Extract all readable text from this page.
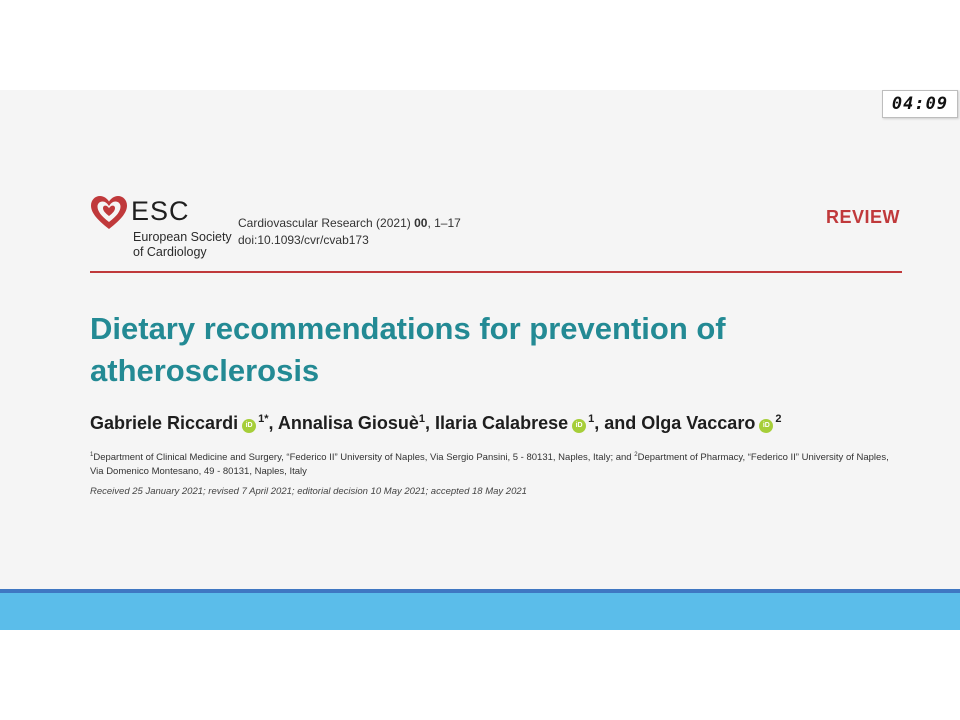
04:09
ESC
European Society
of Cardiology
Cardiovascular Research (2021) 00, 1–17
doi:10.1093/cvr/cvab173
REVIEW
Dietary recommendations for prevention of atherosclerosis
Gabriele Riccardi $iD^{1*}$, Annalisa Giosuè$^1$, Ilaria Calabrese $iD^1$, and Olga Vaccaro $iD^2$
$^1$Department of Clinical Medicine and Surgery, “Federico II” University of Naples, Via Sergio Pansini, 5 - 80131, Naples, Italy; and $^2$Department of Pharmacy, “Federico II” University of Naples, Via Domenico Montesano, 49 - 80131, Naples, Italy
Received 25 January 2021; revised 7 April 2021; editorial decision 10 May 2021; accepted 18 May 2021
